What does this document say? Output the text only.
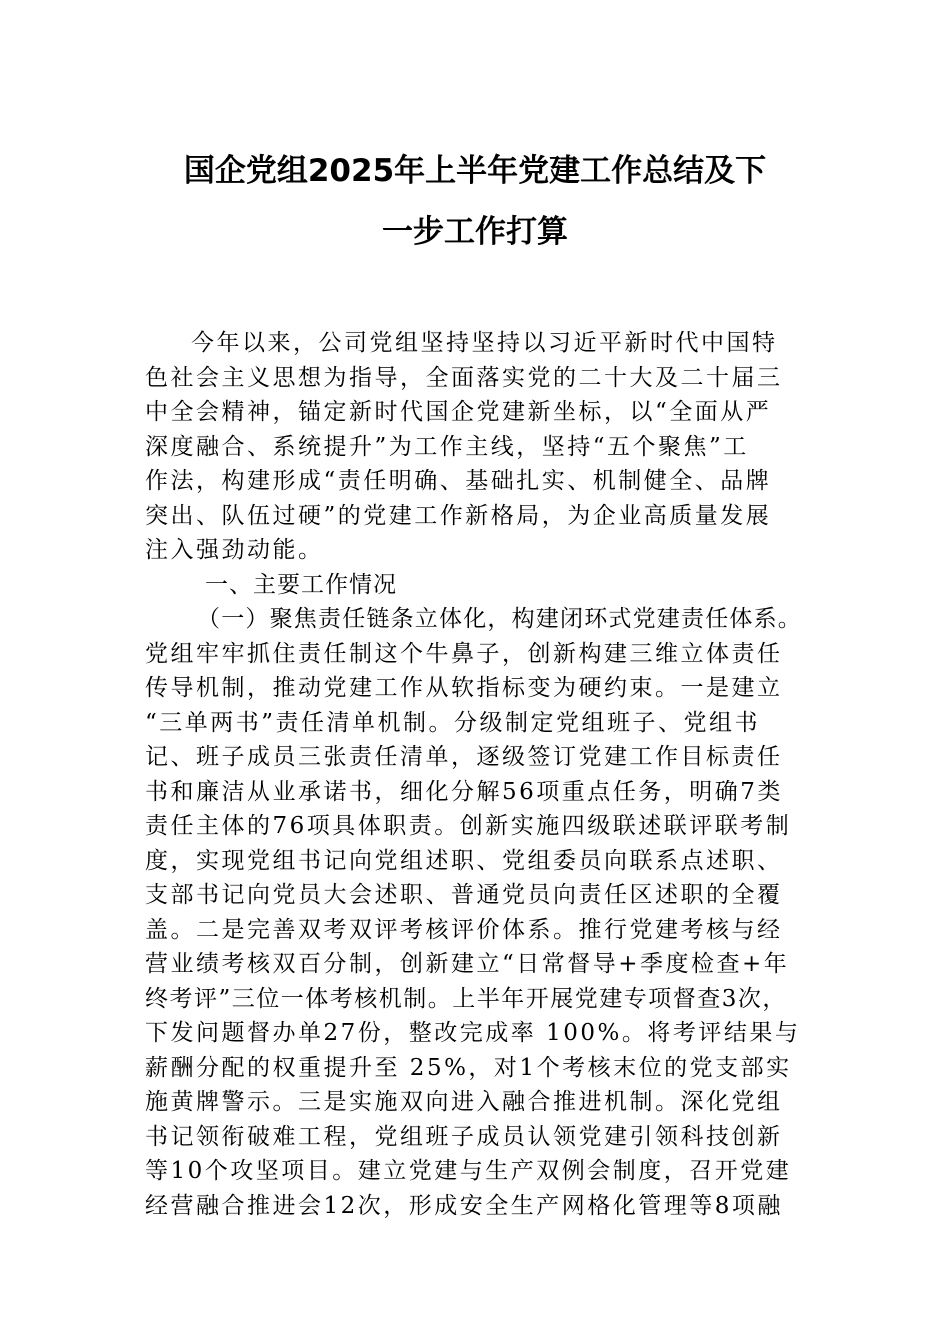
国企党组2025年上半年党建工作总结及下
一步工作打算
今年以来，公司党组坚持坚持以习近平新时代中国特
色社会主义思想为指导，全面落实党的二十大及二十届三
中全会精神，锚定新时代国企党建新坐标，以“全面从严
深度融合、系统提升”为工作主线，坚持“五个聚焦”工
作法，构建形成“责任明确、基础扎实、机制健全、品牌
突出、队伍过硬”的党建工作新格局，为企业高质量发展
注入强劲动能。
一、主要工作情况
（一）聚焦责任链条立体化，构建闭环式党建责任体系。
党组牢牢抓住责任制这个牛鼻子，创新构建三维立体责任
传导机制，推动党建工作从软指标变为硬约束。一是建立
“三单两书”责任清单机制。分级制定党组班子、党组书
记、班子成员三张责任清单，逐级签订党建工作目标责任
书和廉洁从业承诺书，细化分解56项重点任务，明确7类
责任主体的76项具体职责。创新实施四级联述联评联考制
度，实现党组书记向党组述职、党组委员向联系点述职、
支部书记向党员大会述职、普通党员向责任区述职的全覆
盖。二是完善双考双评考核评价体系。推行党建考核与经
营业绩考核双百分制，创新建立“日常督导+季度检查+年
终考评”三位一体考核机制。上半年开展党建专项督查3次，
下发问题督办单27份，整改完成率 100%。将考评结果与
薪酬分配的权重提升至 25%，对1个考核末位的党支部实
施黄牌警示。三是实施双向进入融合推进机制。深化党组
书记领衔破难工程，党组班子成员认领党建引领科技创新
等10个攻坚项目。建立党建与生产双例会制度，召开党建
经营融合推进会12次，形成安全生产网格化管理等8项融
